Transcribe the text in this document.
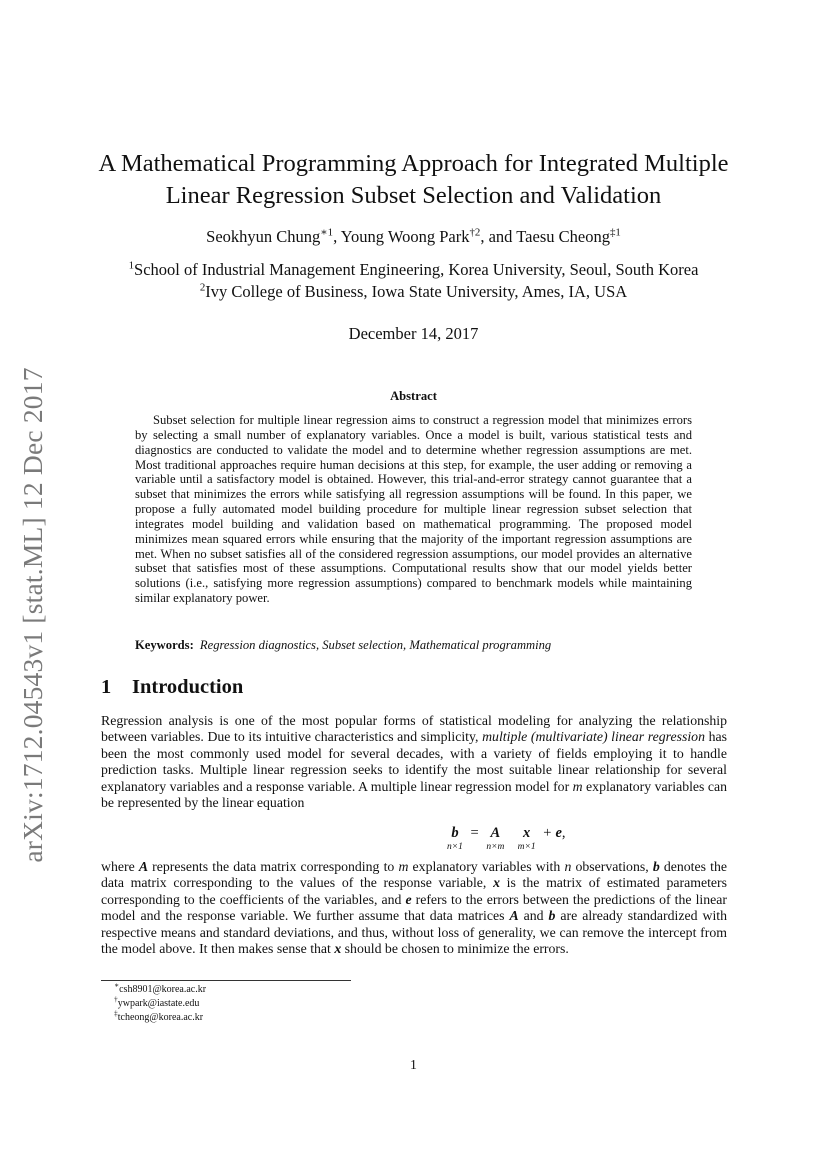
arXiv:1712.04543v1 [stat.ML] 12 Dec 2017
A Mathematical Programming Approach for Integrated Multiple
Linear Regression Subset Selection and Validation
Seokhyun Chung$^{∗1}$, Young Woong Park$^{\dagger 2}$, and Taesu Cheong$^{\ddagger 1}$
$^1$School of Industrial Management Engineering, Korea University, Seoul, South Korea
$^2$Ivy College of Business, Iowa State University, Ames, IA, USA
December 14, 2017
Abstract

Subset selection for multiple linear regression aims to construct a regression model that minimizes errors by selecting a small number of explanatory variables. Once a model is built, various statistical tests and diagnostics are conducted to validate the model and to determine whether regression assumptions are met. Most traditional approaches require human decisions at this step, for example, the user adding or removing a variable until a satisfactory model is obtained. However, this trial-and-error strategy cannot guarantee that a subset that minimizes the errors while satisfying all regression assumptions will be found. In this paper, we propose a fully automated model building procedure for multiple linear regression subset selection that integrates model building and validation based on mathematical programming. The proposed model minimizes mean squared errors while ensuring that the majority of the important regression assumptions are met. When no subset satisfies all of the considered regression assumptions, our model provides an alternative subset that satisfies most of these assumptions. Computational results show that our model yields better solutions (i.e., satisfying more regression assumptions) compared to benchmark models while maintaining similar explanatory power.

Keywords: Regression diagnostics, Subset selection, Mathematical programming
1 Introduction

Regression analysis is one of the most popular forms of statistical modeling for analyzing the relationship between variables. Due to its intuitive characteristics and simplicity, multiple (multivariate) linear regression has been the most commonly used model for several decades, with a variety of fields employing it to handle prediction tasks. Multiple linear regression seeks to identify the most suitable linear relationship for several explanatory variables and a response variable. A multiple linear regression model for m explanatory variables can be represented by the linear equation

b
n×1
= A
n×m

x
m×1
+ e ,

where A represents the data matrix corresponding to m explanatory variables with n observations, b denotes the data matrix corresponding to the values of the response variable, x is the matrix of estimated parameters corresponding to the coefficients of the variables, and e refers to the errors between the predictions of the linear model and the response variable. We further assume that data matrices A and b are already standardized with respective means and standard deviations, and thus, without loss of generality, we can remove the intercept from the model above. It then makes sense that x should be chosen to minimize the errors.

∗csh8901@korea.ac.kr
†ywpark@iastate.edu
‡tcheong@korea.ac.kr
1
